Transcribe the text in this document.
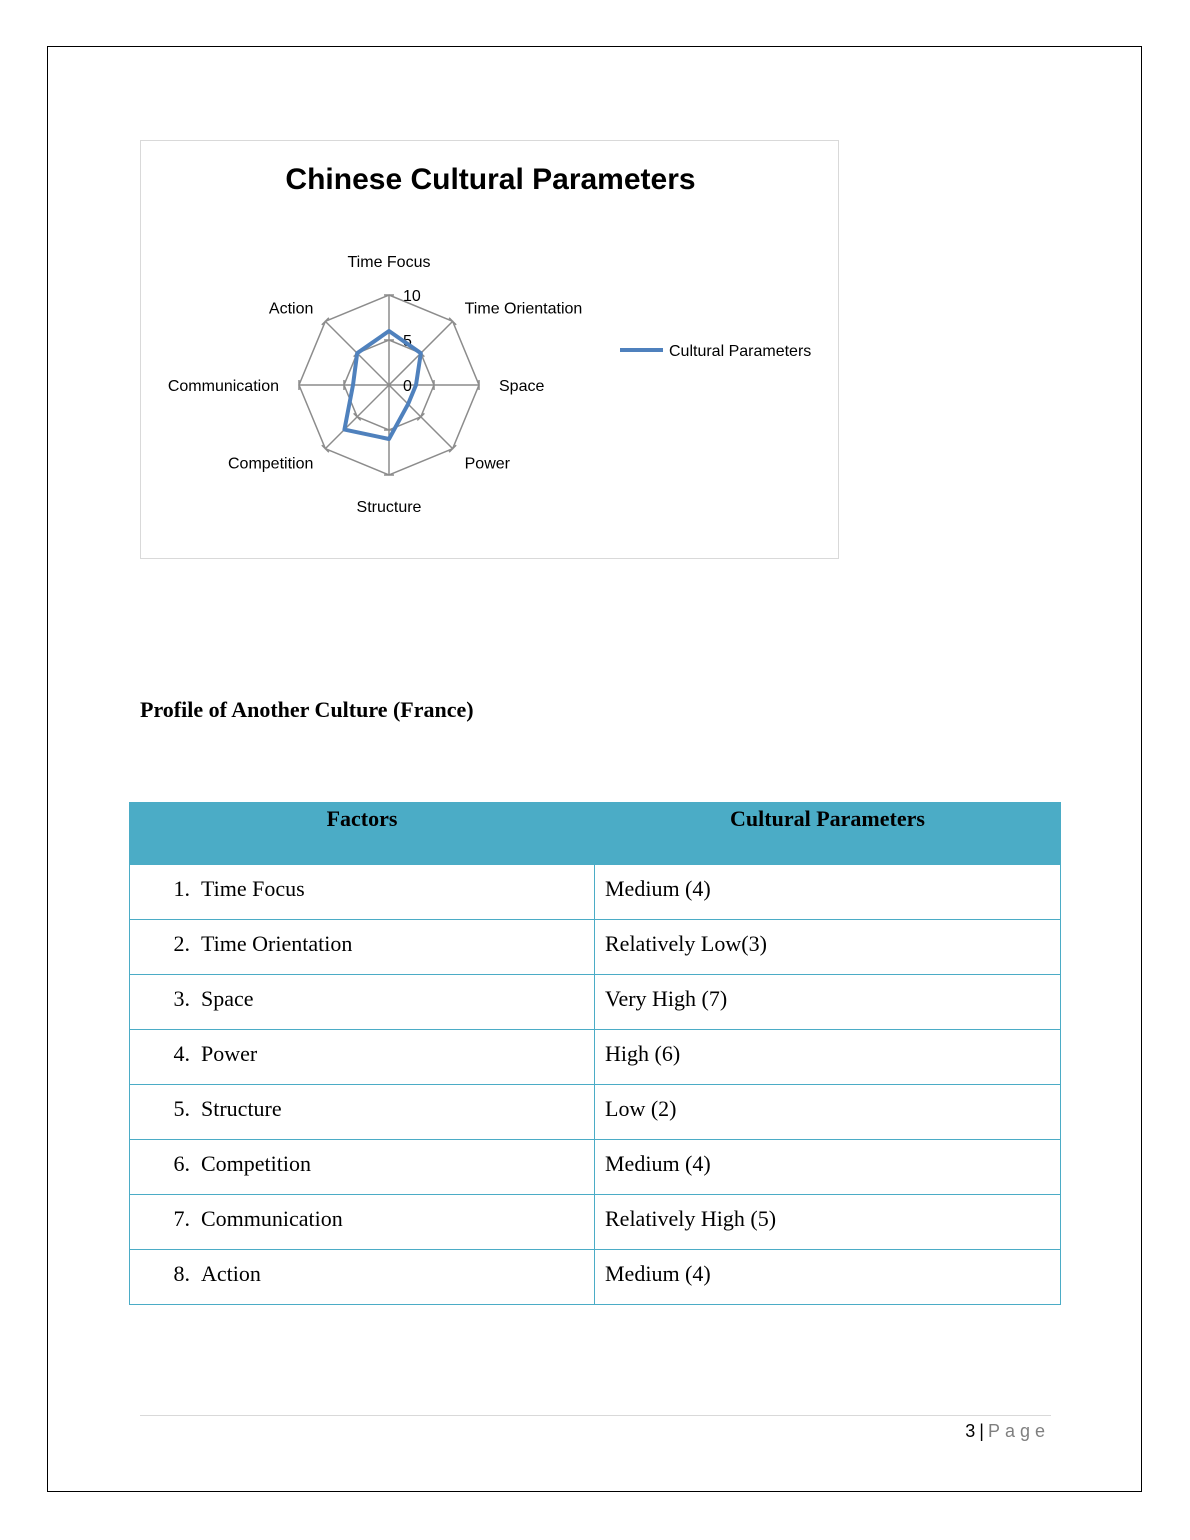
Chinese Cultural Parameters
0
5
10
Time Focus
Time Orientation
Space
Power
Structure
Competition
Communication
Action
Cultural Parameters
Profile of Another Culture (France)
Factors	Cultural Parameters

1. Time Focus	Medium (4)

2. Time Orientation	Relatively Low(3)

3. Space	Very High (7)

4. Power	High (6)

5. Structure	Low (2)

6. Competition	Medium (4)

7. Communication	Relatively High (5)

8. Action	Medium (4)
3 | Page
